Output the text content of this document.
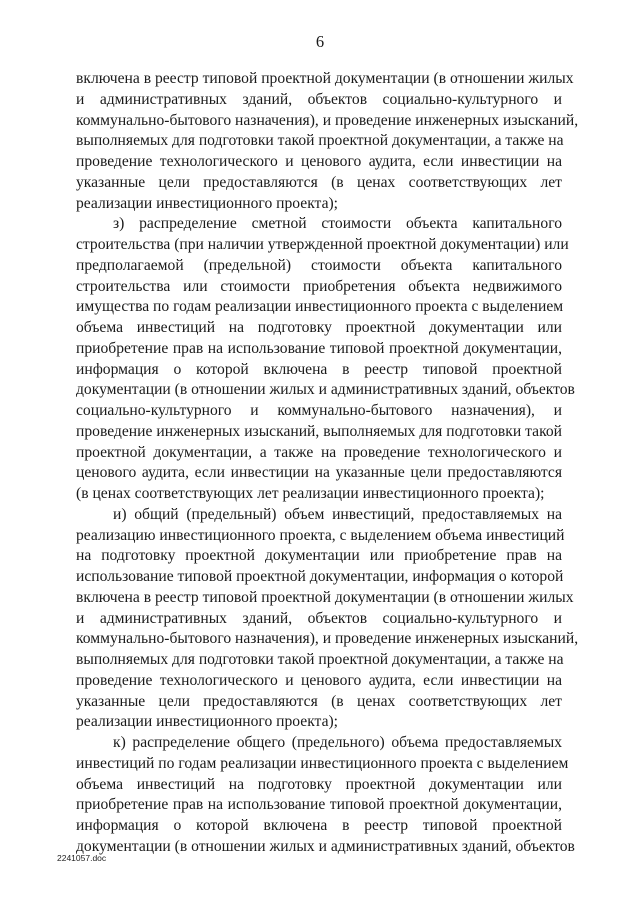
6

включена в реестр типовой проектной документации (в отношении жилых
и административных зданий, объектов социально-культурного и
коммунально-бытового назначения), и проведение инженерных изысканий,
выполняемых для подготовки такой проектной документации, а также на
проведение технологического и ценового аудита, если инвестиции на
указанные цели предоставляются (в ценах соответствующих лет
реализации инвестиционного проекта);

з) распределение сметной стоимости объекта капитального
строительства (при наличии утвержденной проектной документации) или
предполагаемой (предельной) стоимости объекта капитального
строительства или стоимости приобретения объекта недвижимого
имущества по годам реализации инвестиционного проекта с выделением
объема инвестиций на подготовку проектной документации или
приобретение прав на использование типовой проектной документации,
информация о которой включена в реестр типовой проектной
документации (в отношении жилых и административных зданий, объектов
социально-культурного и коммунально-бытового назначения), и
проведение инженерных изысканий, выполняемых для подготовки такой
проектной документации, а также на проведение технологического и
ценового аудита, если инвестиции на указанные цели предоставляются
(в ценах соответствующих лет реализации инвестиционного проекта);

и) общий (предельный) объем инвестиций, предоставляемых на
реализацию инвестиционного проекта, с выделением объема инвестиций
на подготовку проектной документации или приобретение прав на
использование типовой проектной документации, информация о которой
включена в реестр типовой проектной документации (в отношении жилых
и административных зданий, объектов социально-культурного и
коммунально-бытового назначения), и проведение инженерных изысканий,
выполняемых для подготовки такой проектной документации, а также на
проведение технологического и ценового аудита, если инвестиции на
указанные цели предоставляются (в ценах соответствующих лет
реализации инвестиционного проекта);

к) распределение общего (предельного) объема предоставляемых
инвестиций по годам реализации инвестиционного проекта с выделением
объема инвестиций на подготовку проектной документации или
приобретение прав на использование типовой проектной документации,
информация о которой включена в реестр типовой проектной
документации (в отношении жилых и административных зданий, объектов

2241057.doc
